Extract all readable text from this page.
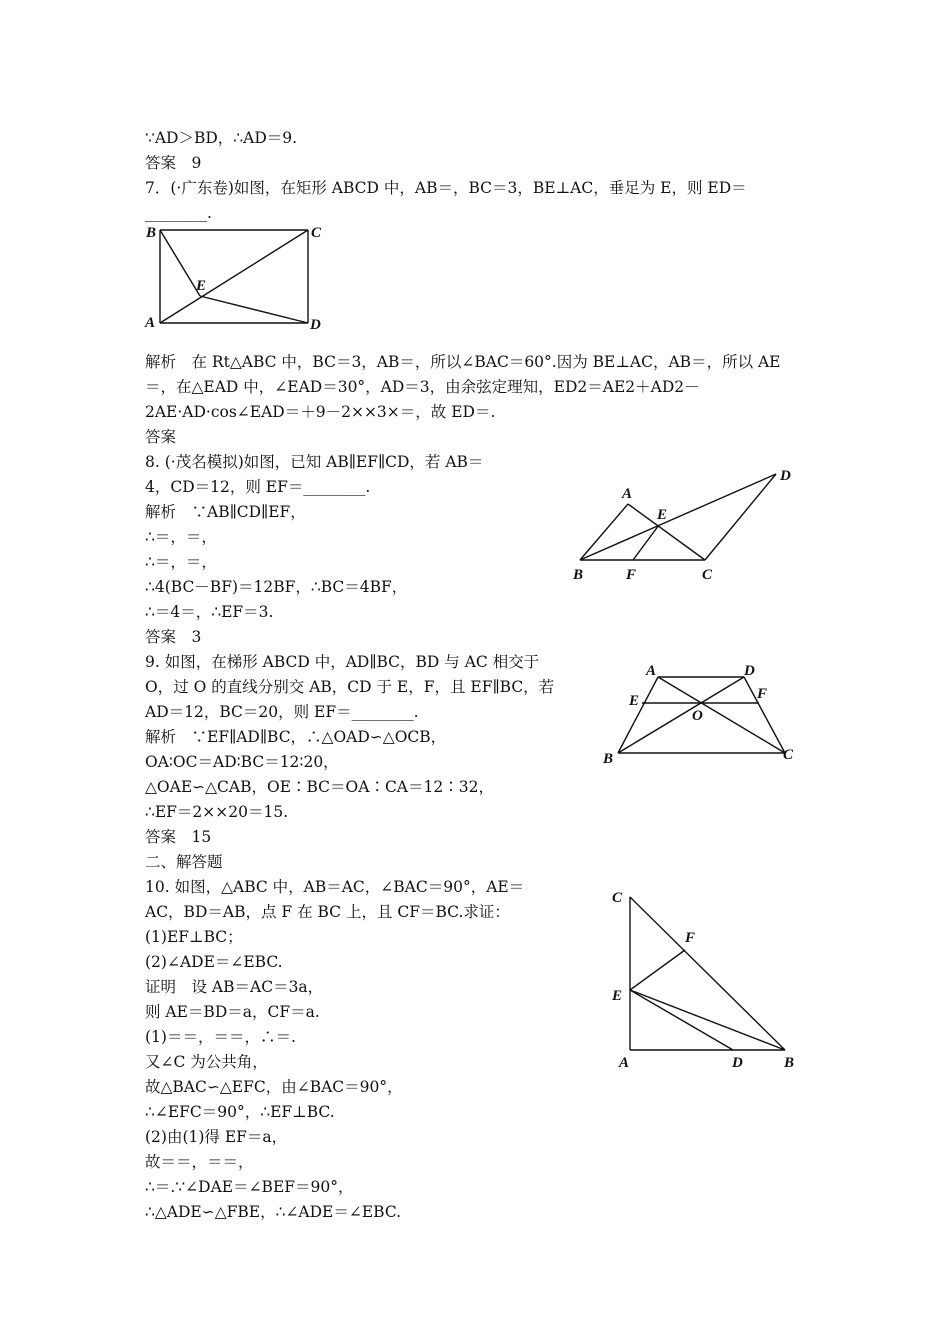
∵AD＞BD，∴AD＝9.
答案　9
7．(·广东卷)如图，在矩形 ABCD 中，AB＝，BC＝3，BE⊥AC，垂足为 E，则 ED＝
________.
解析　在 Rt△ABC 中，BC＝3，AB＝，所以∠BAC＝60°.因为 BE⊥AC，AB＝，所以 AE
＝，在△EAD 中，∠EAD＝30°，AD＝3，由余弦定理知，ED2＝AE2＋AD2－
2AE·AD·cos∠EAD＝＋9－2××3×＝，故 ED＝.
答案
8. (·茂名模拟)如图，已知 AB∥EF∥CD，若 AB＝
4，CD＝12，则 EF＝________.
解析　∵AB∥CD∥EF，
∴＝，＝，
∴＝，＝，
∴4(BC－BF)＝12BF，∴BC＝4BF，
∴＝4＝，∴EF＝3.
答案　3
9. 如图，在梯形 ABCD 中，AD∥BC，BD 与 AC 相交于
O，过 O 的直线分别交 AB，CD 于 E，F，且 EF∥BC，若
AD＝12，BC＝20，则 EF＝________.
解析　∵EF∥AD∥BC，∴△OAD∽△OCB，
OA∶OC＝AD∶BC＝12∶20，
△OAE∽△CAB，OE∶BC＝OA∶CA＝12∶32，
∴EF＝2××20＝15.
答案　15
二、解答题
10. 如图，△ABC 中，AB＝AC，∠BAC＝90°，AE＝
AC，BD＝AB，点 F 在 BC 上，且 CF＝BC.求证：
(1)EF⊥BC；
(2)∠ADE＝∠EBC.
证明　设 AB＝AC＝3a，
则 AE＝BD＝a，CF＝a.
(1)＝＝，＝＝，∴＝.
又∠C 为公共角，
故△BAC∽△EFC，由∠BAC＝90°，
∴∠EFC＝90°，∴EF⊥BC.
(2)由(1)得 EF＝a，
故＝＝，＝＝，
∴＝.∵∠DAE＝∠BEF＝90°，
∴△ADE∽△FBE，∴∠ADE＝∠EBC.
B	C
E
A	D
A
D
E
B	F	C
A	D
E	F
O
B	C
C
F
E
A	D	B
